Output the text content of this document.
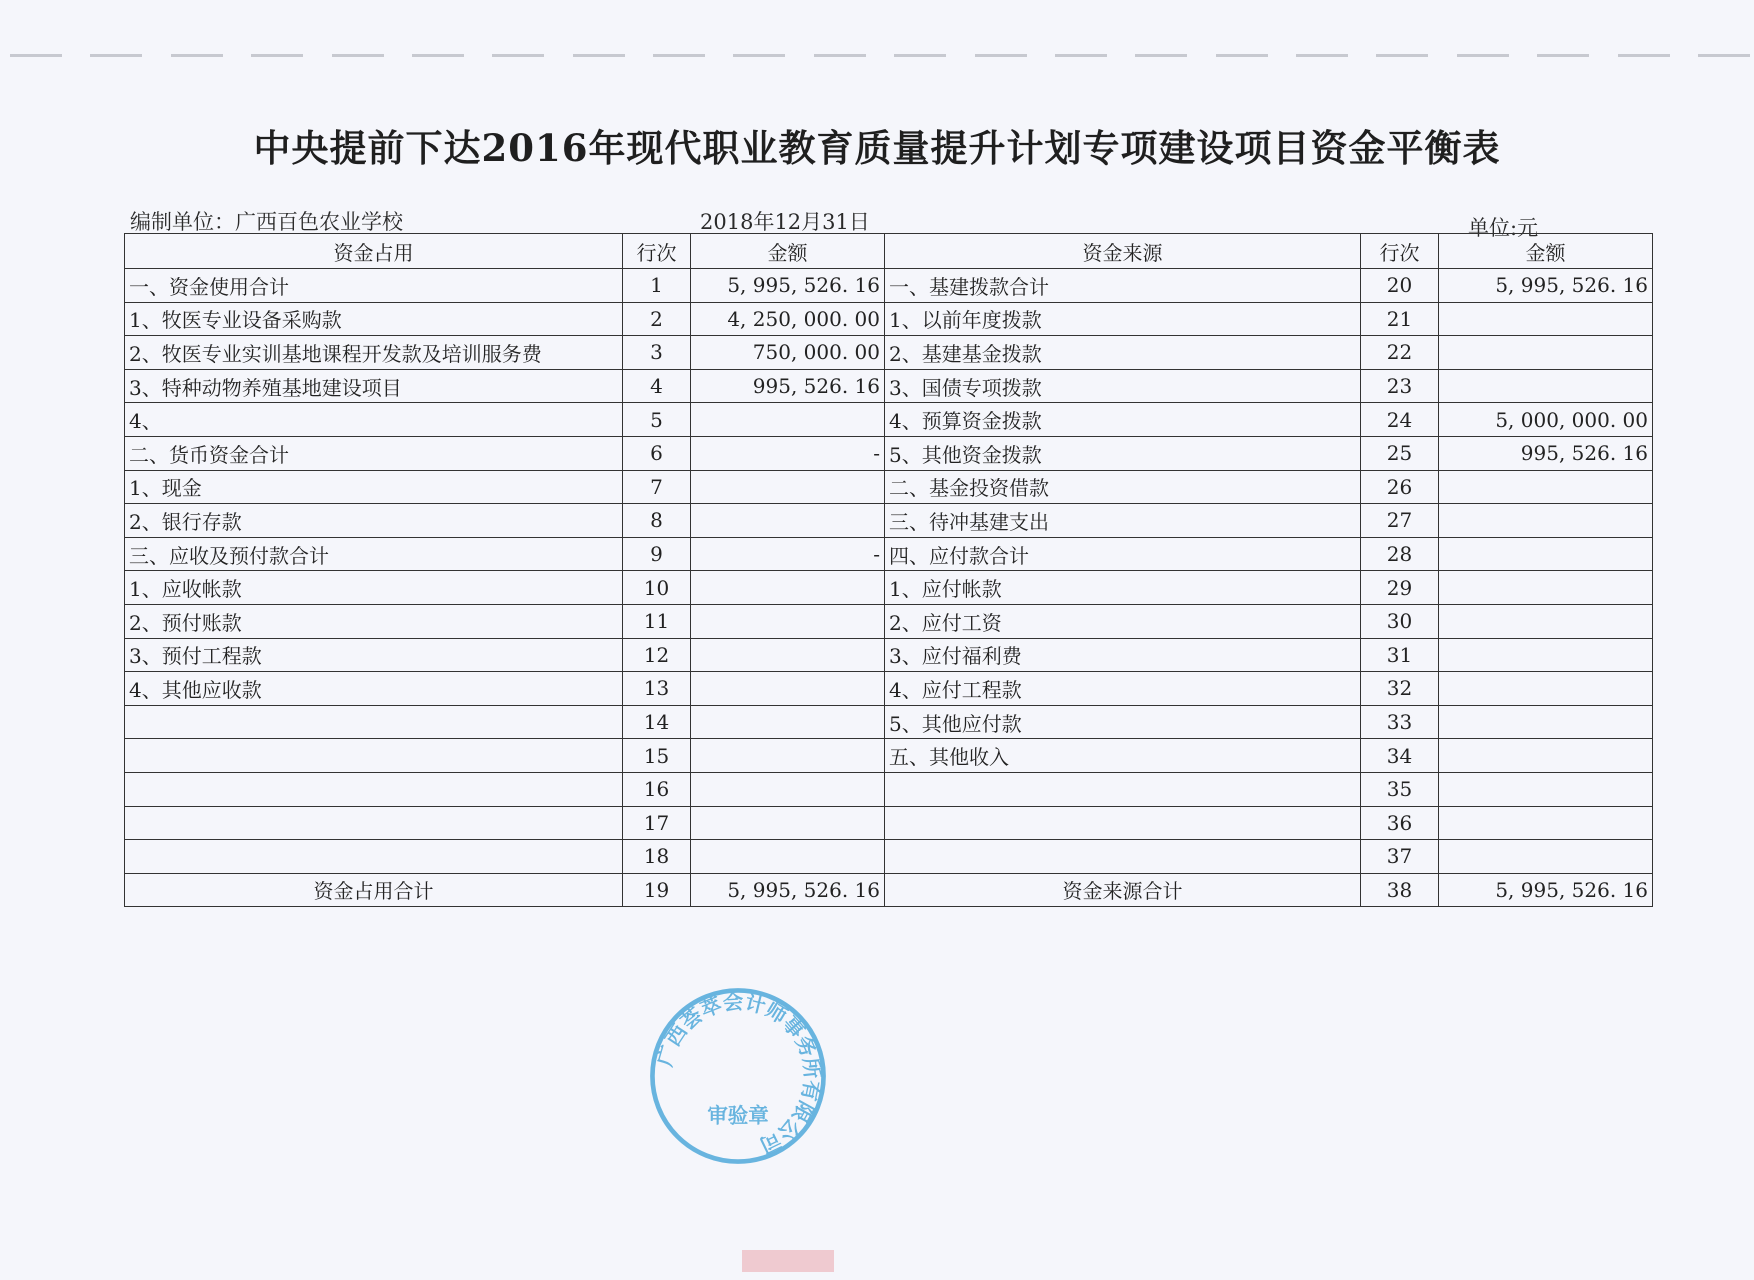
中央提前下达2016年现代职业教育质量提升计划专项建设项目资金平衡表
编制单位：广西百色农业学校	2018年12月31日	单位:元
资金占用	行次	金额	资金来源	行次	金额
一、资金使用合计	1	5, 995, 526. 16	一、基建拨款合计	20	5, 995, 526. 16
1、牧医专业设备采购款	2	4, 250, 000. 00	1、以前年度拨款	21	
2、牧医专业实训基地课程开发款及培训服务费	3	750, 000. 00	2、基建基金拨款	22	
3、特种动物养殖基地建设项目	4	995, 526. 16	3、国债专项拨款	23	
4、	5		4、预算资金拨款	24	5, 000, 000. 00
二、货币资金合计	6	-	5、其他资金拨款	25	995, 526. 16
1、现金	7		二、基金投资借款	26	
2、银行存款	8		三、待冲基建支出	27	
三、应收及预付款合计	9	-	四、应付款合计	28	
1、应收帐款	10		1、应付帐款	29	
2、预付账款	11		2、应付工资	30	
3、预付工程款	12		3、应付福利费	31	
4、其他应收款	13		4、应付工程款	32	
	14		5、其他应付款	33	
	15		五、其他收入	34	
	16			35	
	17			36	
	18			37	
资金占用合计	19	5, 995, 526. 16	资金来源合计	38	5, 995, 526. 16
广西荟萃会计师事务所有限公司
审验章
